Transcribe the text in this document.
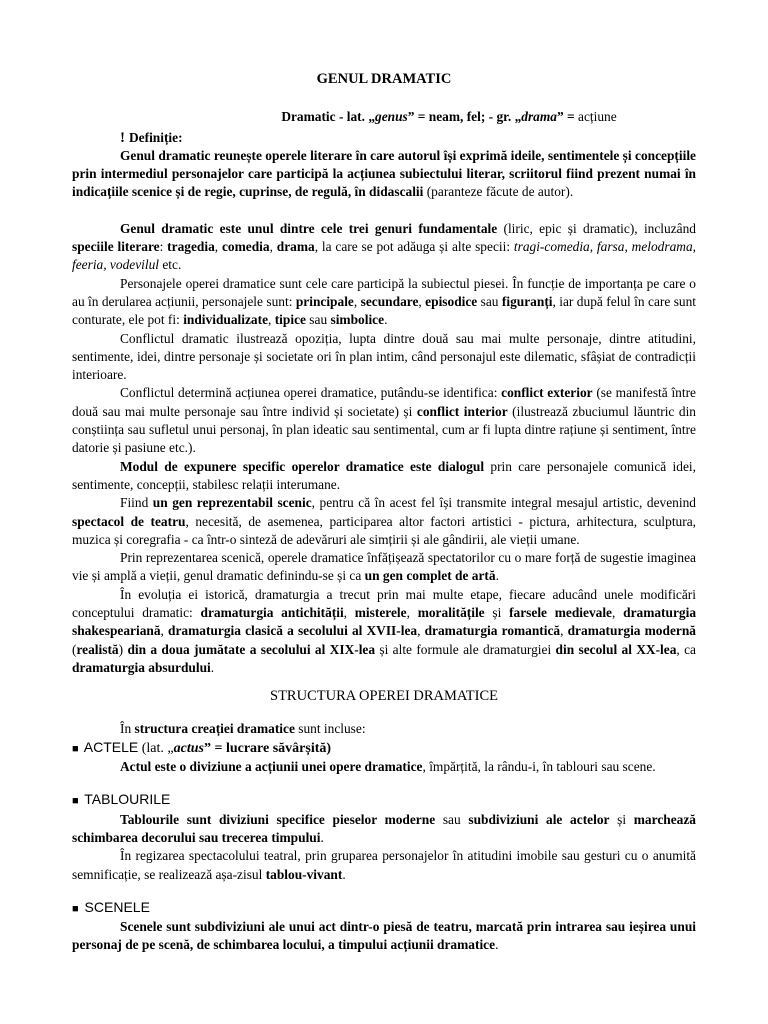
GENUL DRAMATIC
Dramatic - lat. „genus” = neam, fel; - gr. „drama” = acțiune
! Definiție:

Genul dramatic reunește operele literare în care autorul își exprimă ideile, sentimentele și concepțiile prin intermediul personajelor care participă la acțiunea subiectului literar, scriitorul fiind prezent numai în indicațiile scenice și de regie, cuprinse, de regulă, în didascalii (paranteze făcute de autor).

Genul dramatic este unul dintre cele trei genuri fundamentale (liric, epic și dramatic), incluzând speciile literare: tragedia, comedia, drama, la care se pot adăuga și alte specii: tragi-comedia, farsa, melodrama, feeria, vodevilul etc.

Personajele operei dramatice sunt cele care participă la subiectul piesei. În funcție de importanța pe care o au în derularea acțiunii, personajele sunt: principale, secundare, episodice sau figuranți, iar după felul în care sunt conturate, ele pot fi: individualizate, tipice sau simbolice.

Conflictul dramatic ilustrează opoziția, lupta dintre două sau mai multe personaje, dintre atitudini, sentimente, idei, dintre personaje și societate ori în plan intim, când personajul este dilematic, sfâșiat de contradicții interioare.

Conflictul determină acțiunea operei dramatice, putându-se identifica: conflict exterior (se manifestă între două sau mai multe personaje sau între individ și societate) și conflict interior (ilustrează zbuciumul lăuntric din conștiința sau sufletul unui personaj, în plan ideatic sau sentimental, cum ar fi lupta dintre rațiune și sentiment, între datorie și pasiune etc.).

Modul de expunere specific operelor dramatice este dialogul prin care personajele comunică idei, sentimente, concepții, stabilesc relații interumane.

Fiind un gen reprezentabil scenic, pentru că în acest fel își transmite integral mesajul artistic, devenind spectacol de teatru, necesită, de asemenea, participarea altor factori artistici - pictura, arhitectura, sculptura, muzica și coregrafia - ca într-o sinteză de adevăruri ale simțirii și ale gândirii, ale vieții umane.

Prin reprezentarea scenică, operele dramatice înfățișează spectatorilor cu o mare forță de sugestie imaginea vie și amplă a vieții, genul dramatic definindu-se și ca un gen complet de artă.

În evoluția ei istorică, dramaturgia a trecut prin mai multe etape, fiecare aducând unele modificări conceptului dramatic: dramaturgia antichității, misterele, moralitățile și farsele medievale, dramaturgia shakespeariană, dramaturgia clasică a secolului al XVII-lea, dramaturgia romantică, dramaturgia modernă (realistă) din a doua jumătate a secolului al XIX-lea și alte formule ale dramaturgiei din secolul al XX-lea, ca dramaturgia absurdului.

STRUCTURA OPEREI DRAMATICE

În structura creației dramatice sunt incluse:

■ ACTELE (lat. „actus” = lucrare săvârșită)

Actul este o diviziune a acțiunii unei opere dramatice, împărțită, la rându-i, în tablouri sau scene.

■ TABLOURILE

Tablourile sunt diviziuni specifice pieselor moderne sau subdiviziuni ale actelor și marchează schimbarea decorului sau trecerea timpului.

În regizarea spectacolului teatral, prin gruparea personajelor în atitudini imobile sau gesturi cu o anumită semnificație, se realizează așa-zisul tablou-vivant.

■ SCENELE

Scenele sunt subdiviziuni ale unui act dintr-o piesă de teatru, marcată prin intrarea sau ieșirea unui personaj de pe scenă, de schimbarea locului, a timpului acțiunii dramatice.
